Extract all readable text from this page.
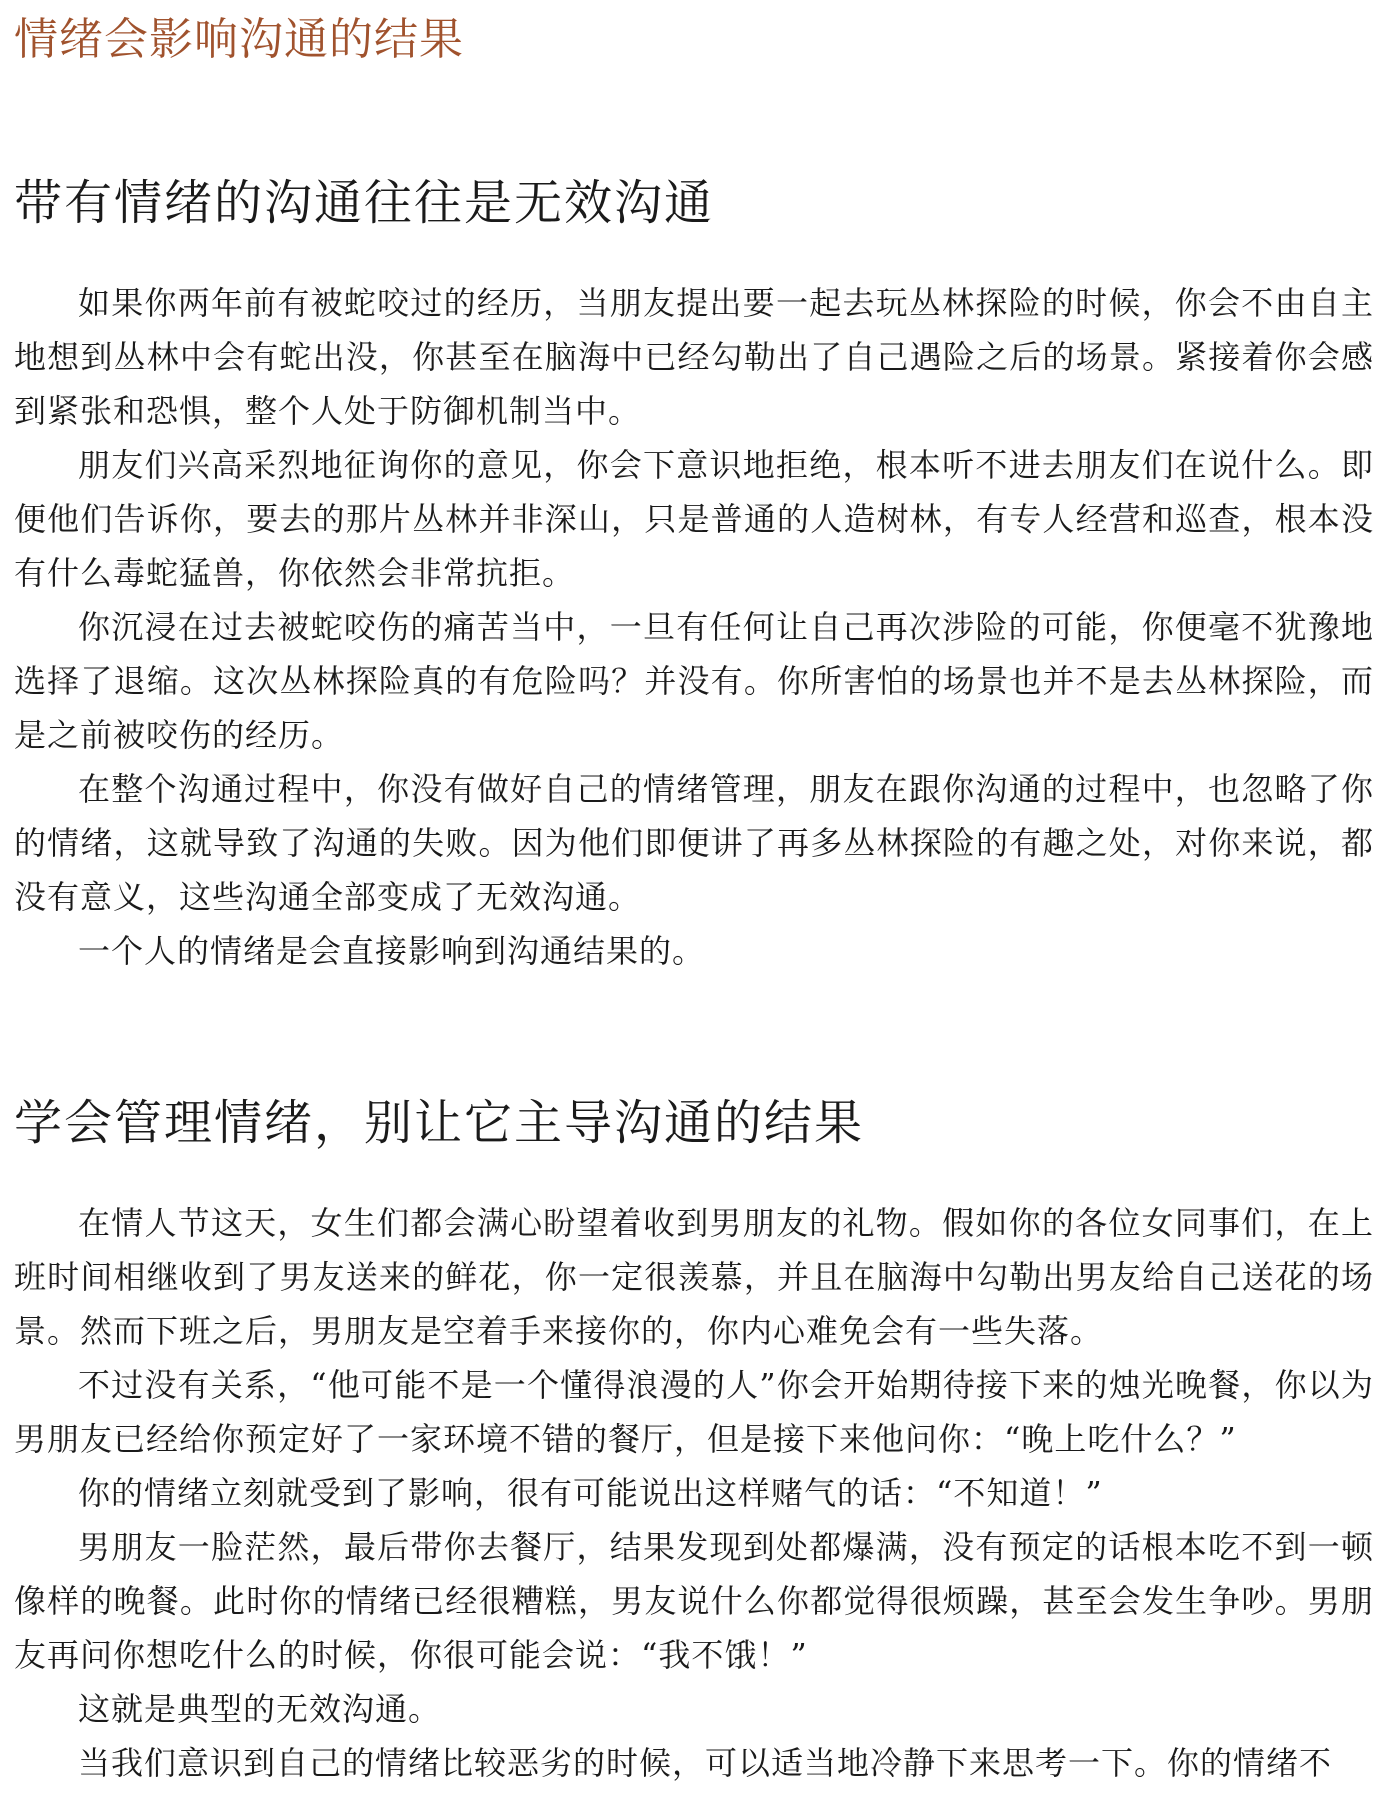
情绪会影响沟通的结果
带有情绪的沟通往往是无效沟通

如果你两年前有被蛇咬过的经历，当朋友提出要一起去玩丛林探险的时候，你会不由自主地想到丛林中会有蛇出没，你甚至在脑海中已经勾勒出了自己遇险之后的场景。紧接着你会感到紧张和恐惧，整个人处于防御机制当中。

朋友们兴高采烈地征询你的意见，你会下意识地拒绝，根本听不进去朋友们在说什么。即便他们告诉你，要去的那片丛林并非深山，只是普通的人造树林，有专人经营和巡查，根本没有什么毒蛇猛兽，你依然会非常抗拒。

你沉浸在过去被蛇咬伤的痛苦当中，一旦有任何让自己再次涉险的可能，你便毫不犹豫地选择了退缩。这次丛林探险真的有危险吗？并没有。你所害怕的场景也并不是去丛林探险，而是之前被咬伤的经历。

在整个沟通过程中，你没有做好自己的情绪管理，朋友在跟你沟通的过程中，也忽略了你的情绪，这就导致了沟通的失败。因为他们即便讲了再多丛林探险的有趣之处，对你来说，都没有意义，这些沟通全部变成了无效沟通。

一个人的情绪是会直接影响到沟通结果的。

学会管理情绪，别让它主导沟通的结果

在情人节这天，女生们都会满心盼望着收到男朋友的礼物。假如你的各位女同事们，在上班时间相继收到了男友送来的鲜花，你一定很羡慕，并且在脑海中勾勒出男友给自己送花的场景。然而下班之后，男朋友是空着手来接你的，你内心难免会有一些失落。

不过没有关系，“他可能不是一个懂得浪漫的人”你会开始期待接下来的烛光晚餐，你以为男朋友已经给你预定好了一家环境不错的餐厅，但是接下来他问你：“晚上吃什么？”

你的情绪立刻就受到了影响，很有可能说出这样赌气的话：“不知道！”

男朋友一脸茫然，最后带你去餐厅，结果发现到处都爆满，没有预定的话根本吃不到一顿像样的晚餐。此时你的情绪已经很糟糕，男友说什么你都觉得很烦躁，甚至会发生争吵。男朋友再问你想吃什么的时候，你很可能会说：“我不饿！”

这就是典型的无效沟通。

当我们意识到自己的情绪比较恶劣的时候，可以适当地冷静下来思考一下。你的情绪不
